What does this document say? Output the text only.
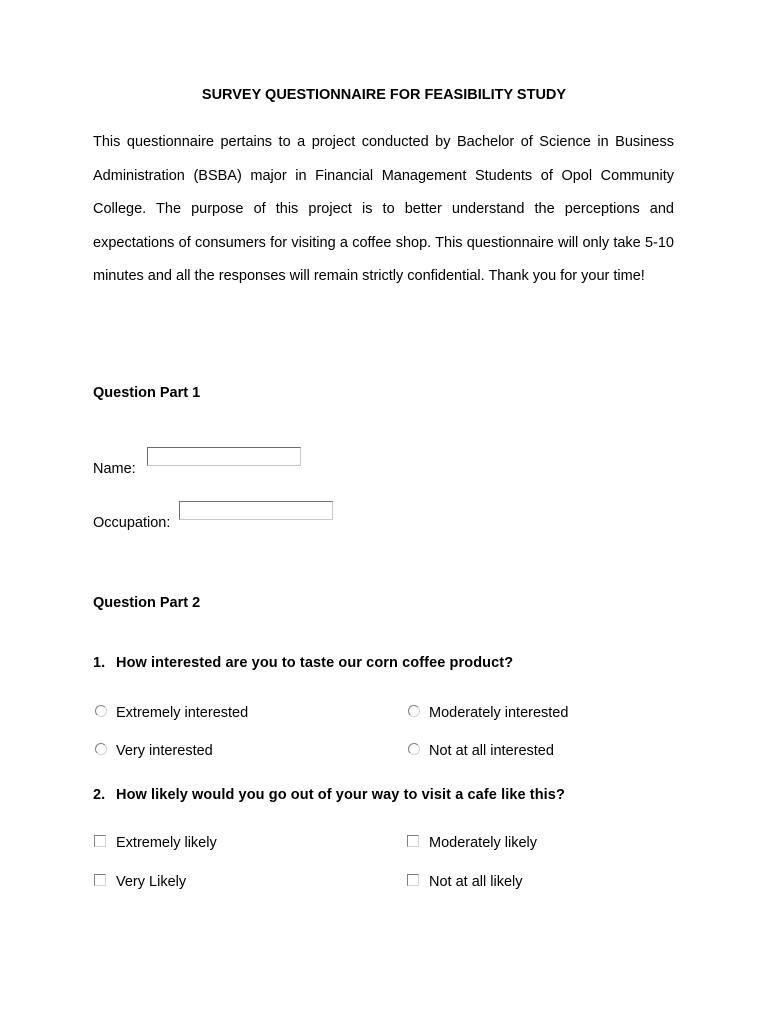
SURVEY QUESTIONNAIRE FOR FEASIBILITY STUDY

This questionnaire pertains to a project conducted by Bachelor of Science in Business Administration (BSBA) major in Financial Management Students of Opol Community College. The purpose of this project is to better understand the perceptions and expectations of consumers for visiting a coffee shop. This questionnaire will only take 5-10 minutes and all the responses will remain strictly confidential. Thank you for your time!

Question Part 1
Name:
Occupation:
Question Part 2
1. How interested are you to taste our corn coffee product?
Extremely interested	Moderately interested
Very interested	Not at all interested
2. How likely would you go out of your way to visit a cafe like this?
Extremely likely	Moderately likely
Very Likely	Not at all likely
